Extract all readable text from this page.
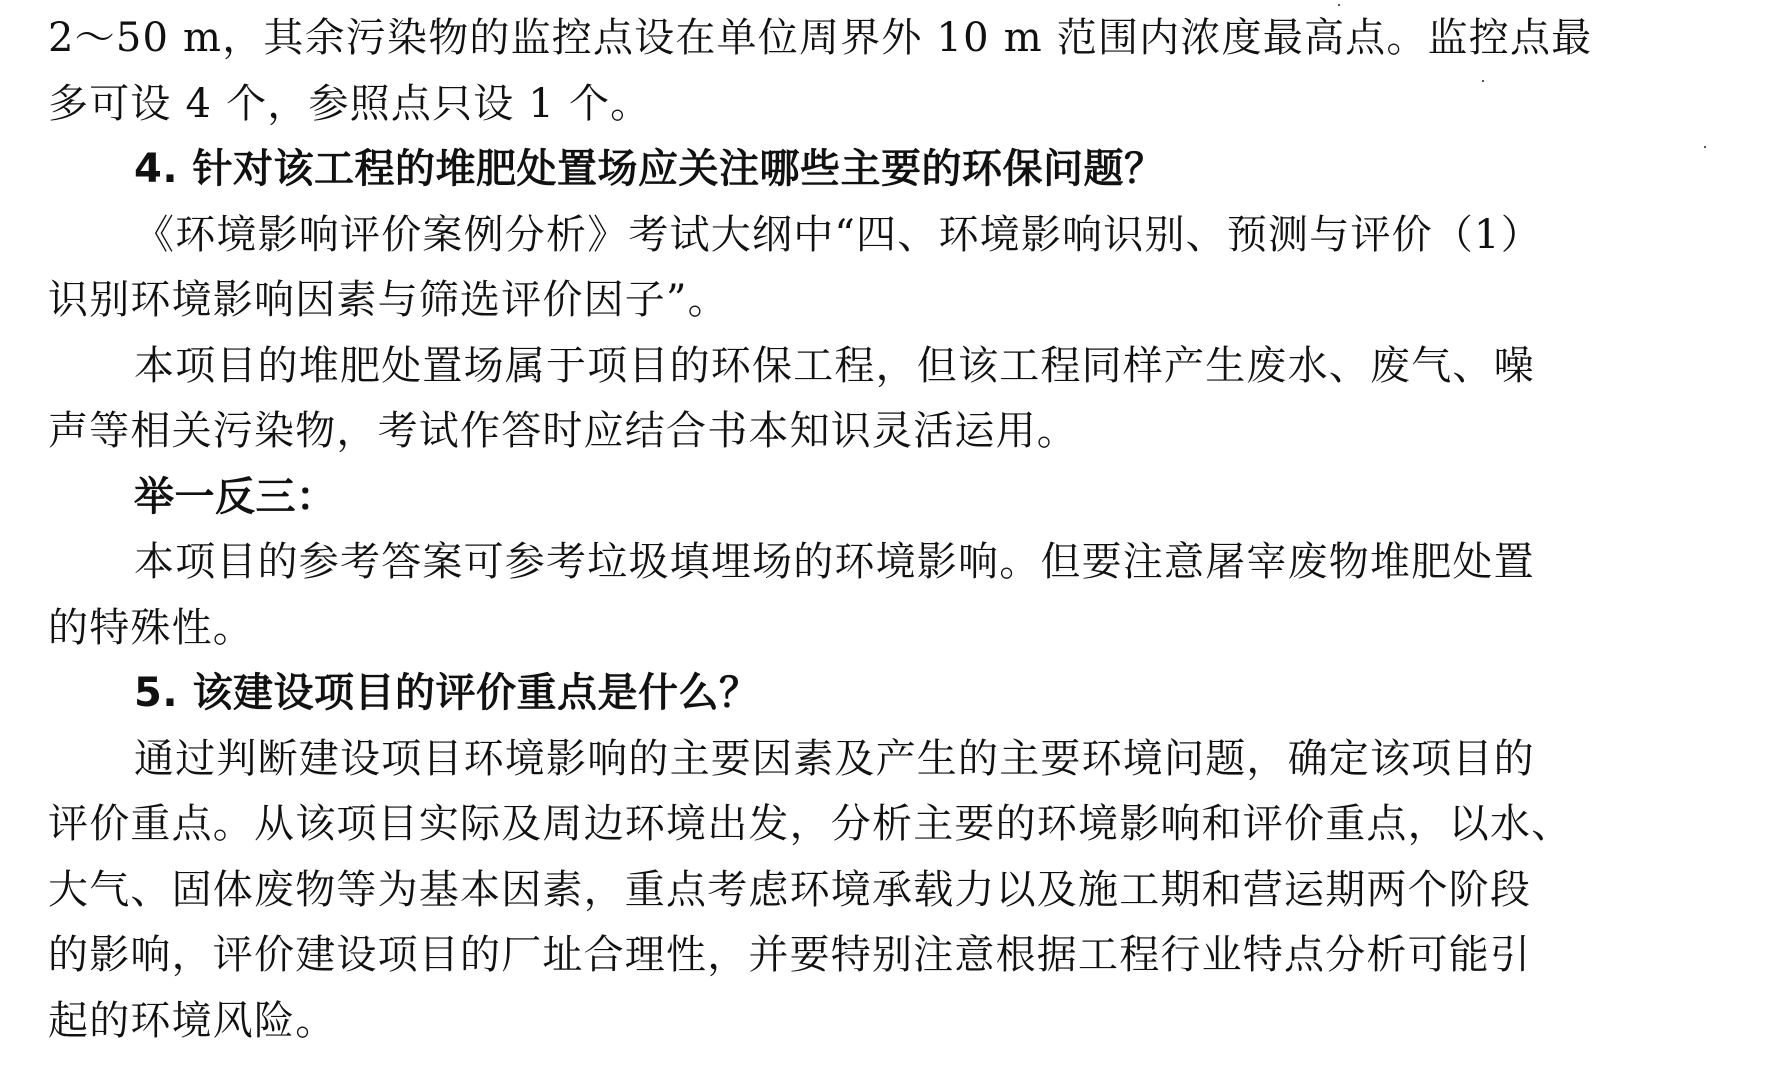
2～50 m，其余污染物的监控点设在单位周界外 10 m 范围内浓度最高点。监控点最
多可设 4 个，参照点只设 1 个。
4. 针对该工程的堆肥处置场应关注哪些主要的环保问题？
《环境影响评价案例分析》考试大纲中“四、环境影响识别、预测与评价（1）
识别环境影响因素与筛选评价因子”。
本项目的堆肥处置场属于项目的环保工程，但该工程同样产生废水、废气、噪
声等相关污染物，考试作答时应结合书本知识灵活运用。
举一反三：
本项目的参考答案可参考垃圾填埋场的环境影响。但要注意屠宰废物堆肥处置
的特殊性。
5. 该建设项目的评价重点是什么？
通过判断建设项目环境影响的主要因素及产生的主要环境问题，确定该项目的
评价重点。从该项目实际及周边环境出发，分析主要的环境影响和评价重点，以水、
大气、固体废物等为基本因素，重点考虑环境承载力以及施工期和营运期两个阶段
的影响，评价建设项目的厂址合理性，并要特别注意根据工程行业特点分析可能引
起的环境风险。
